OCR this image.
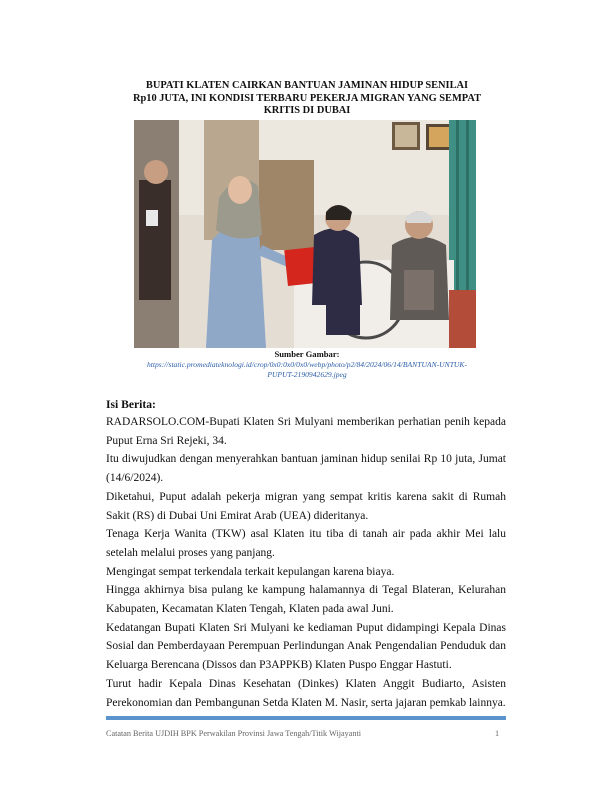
BUPATI KLATEN CAIRKAN BANTUAN JAMINAN HIDUP SENILAI
Rp10 JUTA, INI KONDISI TERBARU PEKERJA MIGRAN YANG SEMPAT
KRITIS DI DUBAI
Sumber Gambar:
https://static.promediateknologi.id/crop/0x0:0x0/0x0/webp/photo/p2/84/2024/06/14/BANTUAN-UNTUK-
PUPUT-2190942629.jpeg
Isi Berita:

RADARSOLO.COM-Bupati Klaten Sri Mulyani memberikan perhatian penih kepada Puput Erna Sri Rejeki, 34.

Itu diwujudkan dengan menyerahkan bantuan jaminan hidup senilai Rp 10 juta, Jumat (14/6/2024).

Diketahui, Puput adalah pekerja migran yang sempat kritis karena sakit di Rumah Sakit (RS) di Dubai Uni Emirat Arab (UEA) dideritanya.

Tenaga Kerja Wanita (TKW) asal Klaten itu tiba di tanah air pada akhir Mei lalu setelah melalui proses yang panjang.

Mengingat sempat terkendala terkait kepulangan karena biaya.

Hingga akhirnya bisa pulang ke kampung halamannya di Tegal Blateran, Kelurahan Kabupaten, Kecamatan Klaten Tengah, Klaten pada awal Juni.

Kedatangan Bupati Klaten Sri Mulyani ke kediaman Puput didampingi Kepala Dinas Sosial dan Pemberdayaan Perempuan Perlindungan Anak Pengendalian Penduduk dan Keluarga Berencana (Dissos dan P3APPKB) Klaten Puspo Enggar Hastuti.

Turut hadir Kepala Dinas Kesehatan (Dinkes) Klaten Anggit Budiarto, Asisten Perekonomian dan Pembangunan Setda Klaten M. Nasir, serta jajaran pemkab lainnya.

Catatan Berita UJDIH BPK Perwakilan Provinsi Jawa Tengah/Titik Wijayanti	1
